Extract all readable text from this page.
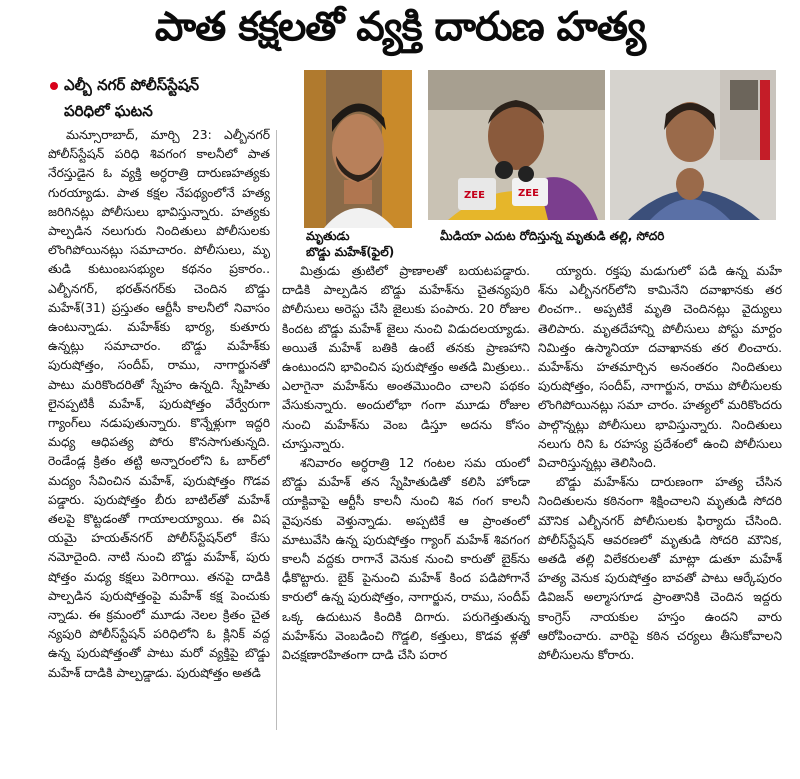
పాత కక్షలతో వ్యక్తి దారుణ హత్య
ఎల్బీ నగర్ పోలీస్‌స్టేషన్
పరిధిలో ఘటన
మృతుడు
బొడ్డు మహేశ్(ఫైల్)
ZEE	ZEE
మీడియా ఎదుట రోదిస్తున్న మృతుడి తల్లి, సోదరి

మన్సూరాబాద్, మార్చి 23: ఎల్బీనగర్ పోలీస్‌స్టేషన్ పరిధి శివగంగ కాలనీలో పాత నేరస్తుడైన ఓ వ్యక్తి అర్ధరాత్రి దారుణహత్యకు గురయ్యాడు. పాత కక్షల నేపథ్యంలోనే హత్య జరిగినట్లు పోలీసులు భావిస్తున్నారు. హత్యకు పాల్పడిన నలుగురు నిందితులు పోలీసులకు లొంగిపోయినట్లు సమాచారం. పోలీసులు, మృ తుడి కుటుంబసభ్యుల కథనం ప్రకారం.. ఎల్బీనగర్, భరత్‌నగర్‌కు చెందిన బొడ్డు మహేశ్(31) ప్రస్తుతం ఆర్టీసీ కాలనీలో నివాసం ఉంటున్నాడు. మహేశ్‌కు భార్య, కుతూరు ఉన్నట్లు సమాచారం. బొడ్డు మహేశ్‌కు పురుషోత్తం, సందీప్, రాము, నాగార్జునతో పాటు మరికొందరితో స్నేహం ఉన్నది. స్నేహితు లైనప్పటికీ మహేశ్, పురుషోత్తం వేర్వేరుగా గ్యాంగ్‌లు నడుపుతున్నారు. కొన్నేళ్లుగా ఇద్దరి మధ్య ఆధిపత్య పోరు కొనసాగుతున్నది. రెండేండ్ల క్రితం తట్టి అన్నారంలోని ఓ బార్‌లో మద్యం సేవించిన మహేశ్, పురుషోత్తం గొడవ పడ్డారు. పురుషోత్తం బీరు బాటిల్‌తో మహేశ్ తలపై కొట్టడంతో గాయాలయ్యాయి. ఈ విష యమై హయత్‌నగర్ పోలీస్‌స్టేషన్‌లో కేసు నమోదైంది. నాటి నుంచి బొడ్డు మహేశ్, పురు షోత్తం మధ్య కక్షలు పెరిగాయి. తనపై దాడికి పాల్పడిన పురుషోత్తంపై మహేశ్ కక్ష పెంచుకు న్నాడు. ఈ క్రమంలో మూడు నెలల క్రితం చైత న్యపురి పోలీస్‌స్టేషన్ పరిధిలోని ఓ క్లినిక్ వద్ద ఉన్న పురుషోత్తంతో పాటు మరో వ్యక్తిపై బొడ్డు మహేశ్ దాడికి పాల్పడ్డాడు. పురుషోత్తం అతడి

మిత్రుడు త్రుటిలో ప్రాణాలతో బయటపడ్డారు. దాడికి పాల్పడిన బొడ్డు మహేశ్‌ను చైతన్యపురి పోలీసులు అరెస్టు చేసి జైలుకు పంపారు. 20 రోజుల కిందట బొడ్డు మహేశ్ జైలు నుంచి విడుదలయ్యాడు. అయితే మహేశ్ బతికి ఉంటే తనకు ప్రాణహాని ఉంటుందని భావించిన పురుషోత్తం అతడి మిత్రులు.. ఎలాగైనా మహేశ్‌ను అంతమొందిం చాలని పథకం వేసుకున్నారు. అందులోభా గంగా మూడు రోజుల నుంచి మహేశ్‌ను వెంబ డిస్తూ అదను కోసం చూస్తున్నారు.

శనివారం అర్ధరాత్రి 12 గంటల సమ యంలో బొడ్డు మహేశ్ తన స్నేహితుడితో కలిసి హోండా యాక్టివాపై ఆర్టీసీ కాలనీ నుంచి శివ గంగ కాలనీ వైపునకు వెళ్తున్నాడు. అప్పటికే ఆ ప్రాంతంలో మాటువేసి ఉన్న పురుషోత్తం గ్యాంగ్ మహేశ్ శివగంగ కాలనీ వద్దకు రాగానే వెనుక నుంచి కారుతో బైక్‌ను ఢీకొట్టారు. బైక్ పైనుంచి మహేశ్ కింద పడిపోగానే కారులో ఉన్న పురుషోత్తం, నాగార్జున, రాము, సందీప్ ఒక్క ఉదుటున కిందికి దిగారు. పరుగెత్తుతున్న మహేశ్‌ను వెంబడించి గొడ్డలి, కత్తులు, కొడవ ళ్లతో విచక్షణారహితంగా దాడి చేసి పరార

య్యారు. రక్తపు మడుగులో పడి ఉన్న మహే శ్‌ను ఎల్బీనగర్‌లోని కామినేని దవాఖానకు తర లించగా.. అప్పటికే మృతి చెందినట్లు వైద్యులు తెలిపారు. మృతదేహాన్ని పోలీసులు పోస్టు మార్టం నిమిత్తం ఉస్మానియా దవాఖానకు తర లించారు. మహేశ్‌ను హతమార్చిన అనంతరం నిందితులు పురుషోత్తం, సందీప్, నాగార్జున, రాము పోలీసులకు లొంగిపోయినట్లు సమా చారం. హత్యలో మరికొందరు పాల్గొన్నట్లు పోలీసులు భావిస్తున్నారు. నిందితులు నలుగు రిని ఓ రహస్య ప్రదేశంలో ఉంచి పోలీసులు విచారిస్తున్నట్లు తెలిసింది.

బొడ్డు మహేశ్‌ను దారుణంగా హత్య చేసిన నిందితులను కఠినంగా శిక్షించాలని మృతుడి సోదరి మౌనిక ఎల్బీనగర్ పోలీసులకు ఫిర్యాదు చేసింది. పోలీస్‌స్టేషన్ ఆవరణలో మృతుడి సోదరి మౌనిక, అతడి తల్లి విలేకరులతో మాట్లా డుతూ మహేశ్ హత్య వెనుక పురుషోత్తం బావతో పాటు ఆర్కేపురం డివిజన్ అల్మాసగూడ ప్రాంతానికి చెందిన ఇద్దరు కాంగ్రెస్ నాయకుల హస్తం ఉందని వారు ఆరోపించారు. వారిపై కఠిన చర్యలు తీసుకోవాలని పోలీసులను కోరారు.
